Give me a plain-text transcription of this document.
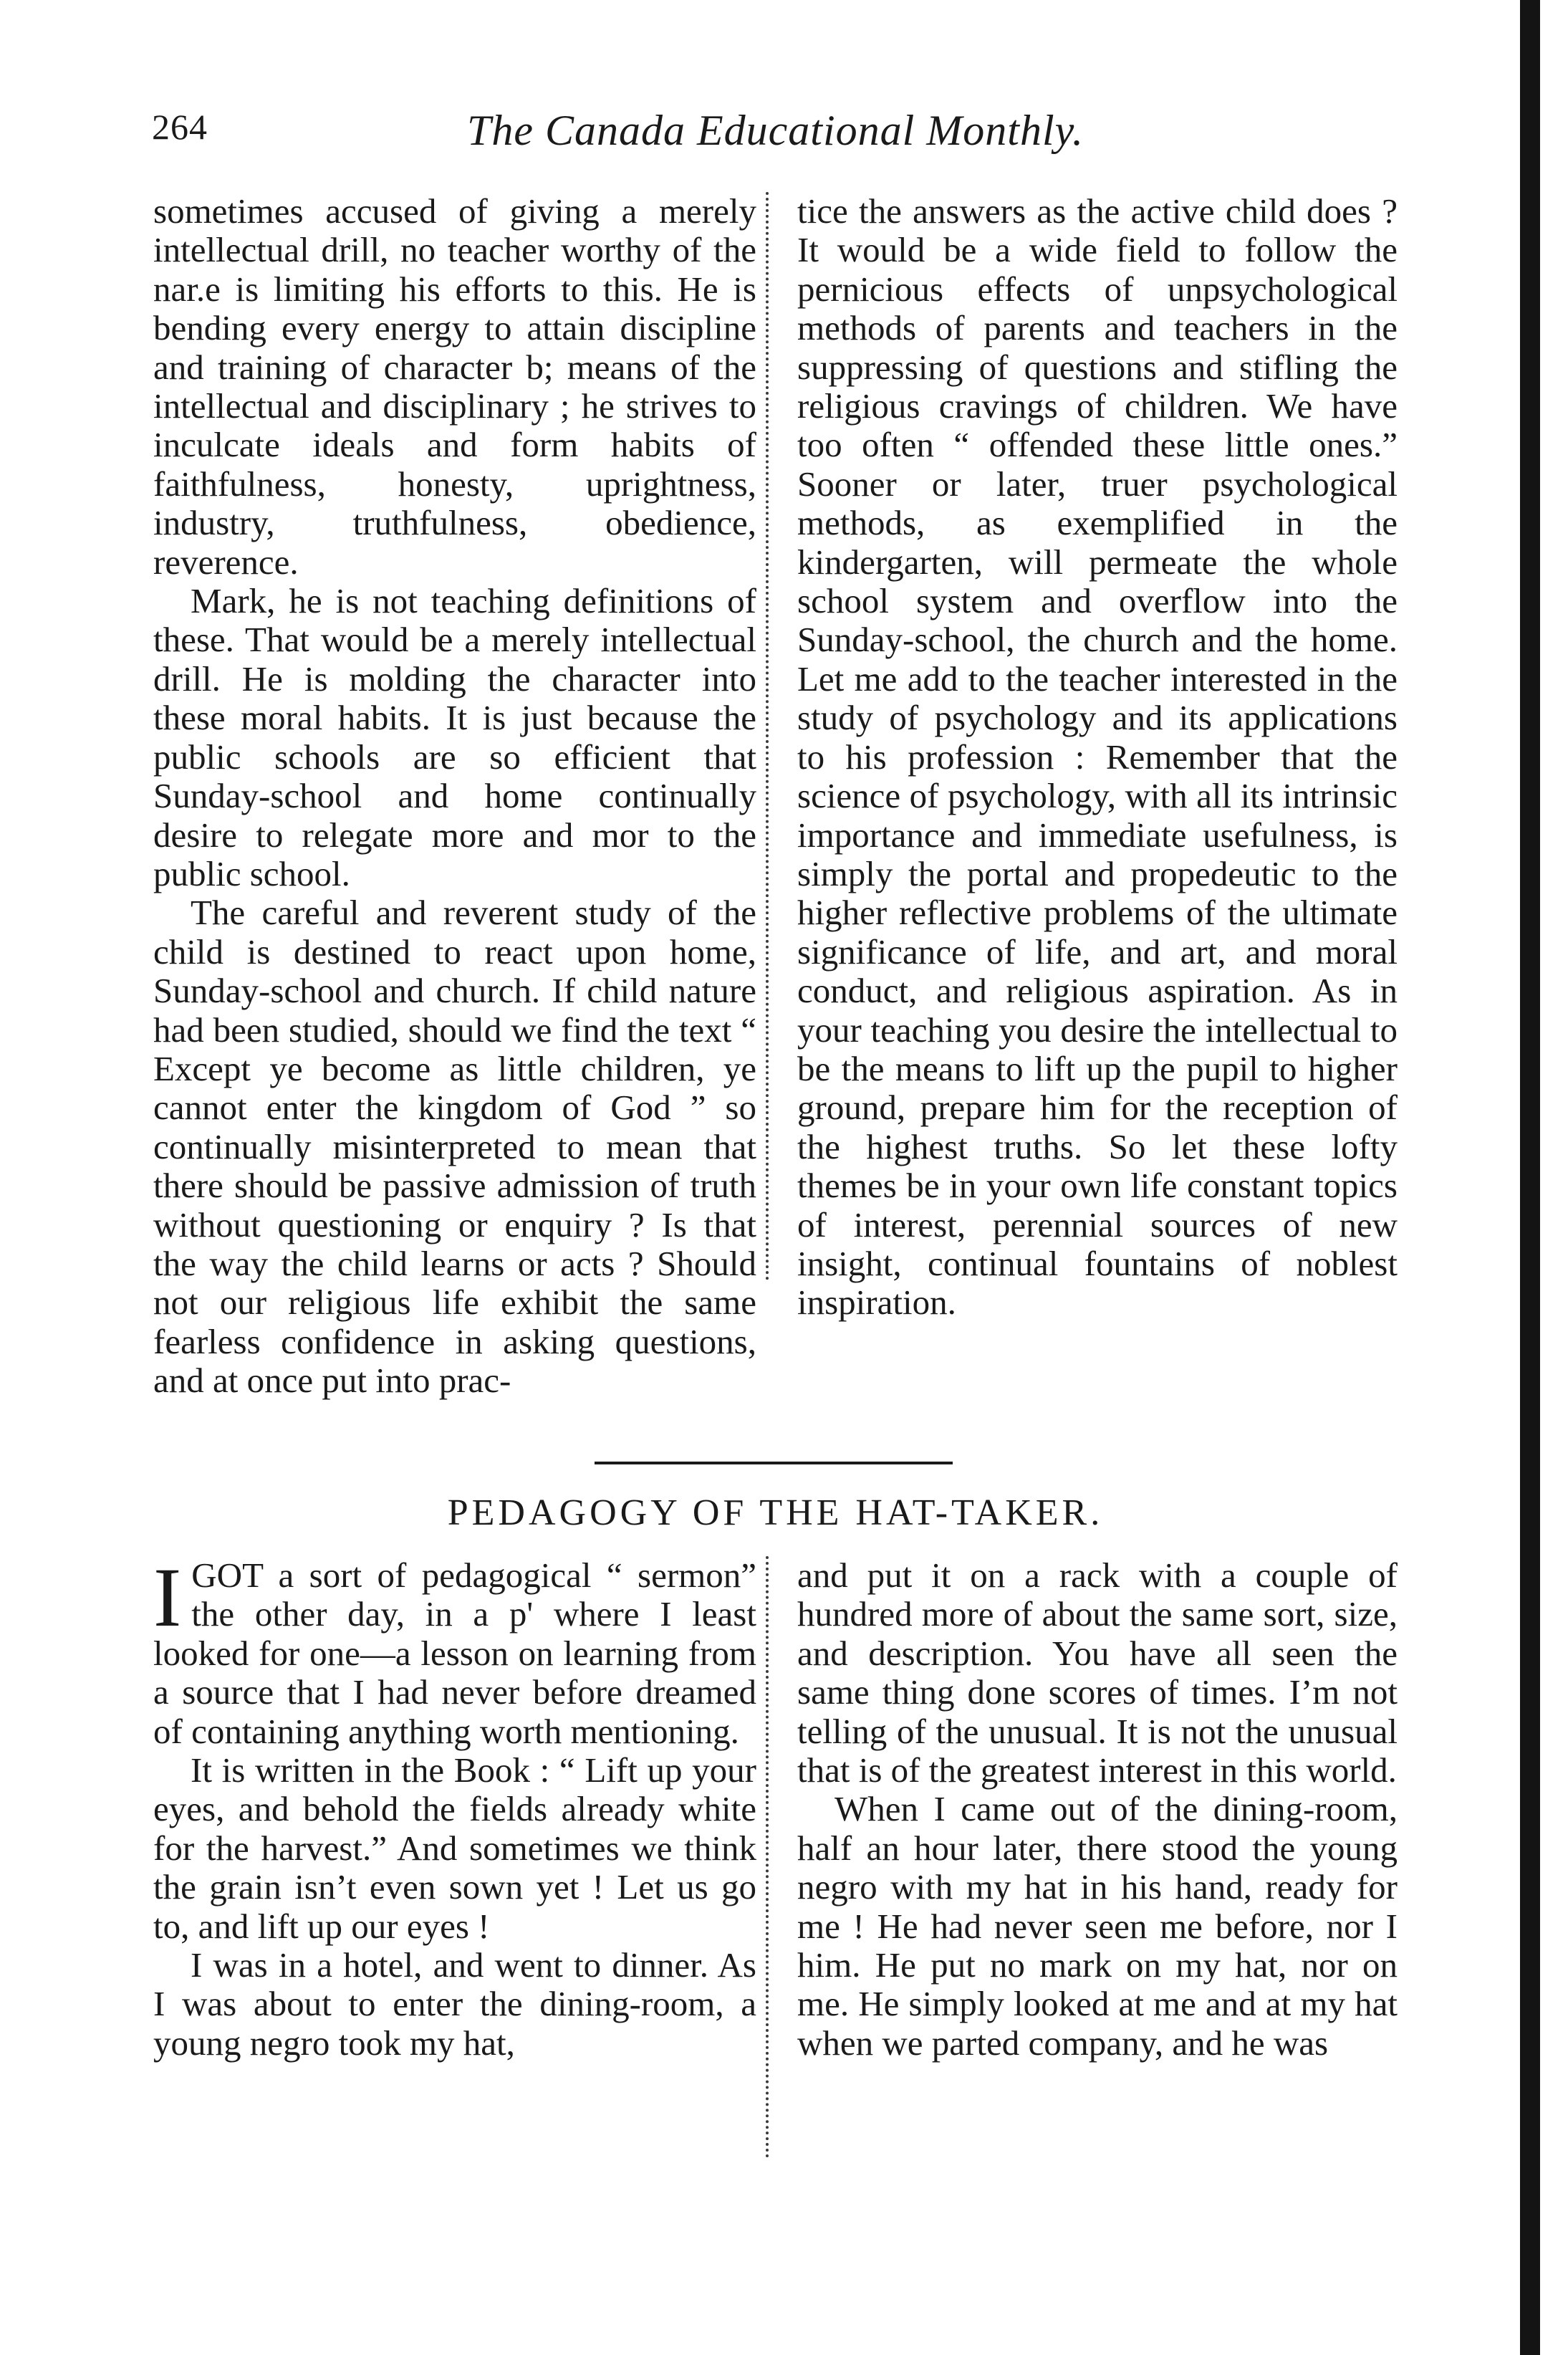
264	The Canada Educational Monthly.

sometimes accused of giving a merely intellectual drill, no teacher worthy of the nar.e is limiting his efforts to this. He is bending every energy to attain discipline and training of character b; means of the intellectual and disciplinary ; he strives to inculcate ideals and form habits of faithfulness, honesty, uprightness, industry, truthfulness, obedience, reverence.

Mark, he is not teaching definitions of these. That would be a merely intellectual drill. He is molding the character into these moral habits. It is just because the public schools are so efficient that Sunday-school and home continually desire to relegate more and mor to the public school.

The careful and reverent study of the child is destined to react upon home, Sunday-school and church. If child nature had been studied, should we find the text “ Except ye become as little children, ye cannot enter the kingdom of God ” so continually misinterpreted to mean that there should be passive admission of truth without questioning or enquiry ? Is that the way the child learns or acts ? Should not our religious life exhibit the same fearless confidence in asking questions, and at once put into prac-

tice the answers as the active child does ? It would be a wide field to follow the pernicious effects of unpsychological methods of parents and teachers in the suppressing of questions and stifling the religious cravings of children. We have too often “ offended these little ones.” Sooner or later, truer psychological methods, as exemplified in the kindergarten, will permeate the whole school system and overflow into the Sunday-school, the church and the home. Let me add to the teacher interested in the study of psychology and its applications to his profession : Remember that the science of psychology, with all its intrinsic importance and immediate usefulness, is simply the portal and propedeutic to the higher reflective problems of the ultimate significance of life, and art, and moral conduct, and religious aspiration. As in your teaching you desire the intellectual to be the means to lift up the pupil to higher ground, prepare him for the reception of the highest truths. So let these lofty themes be in your own life constant topics of interest, perennial sources of new insight, continual fountains of noblest inspiration.

PEDAGOGY OF THE HAT-TAKER.

IGOT a sort of pedagogical “ sermon” the other day, in a p' where I least looked for one—a lesson on learning from a source that I had never before dreamed of containing anything worth mentioning.

It is written in the Book : “ Lift up your eyes, and behold the fields already white for the harvest.” And sometimes we think the grain isn’t even sown yet ! Let us go to, and lift up our eyes !

I was in a hotel, and went to dinner. As I was about to enter the dining-room, a young negro took my hat,

and put it on a rack with a couple of hundred more of about the same sort, size, and description. You have all seen the same thing done scores of times. I’m not telling of the unusual. It is not the unusual that is of the greatest interest in this world.

When I came out of the dining-room, half an hour later, there stood the young negro with my hat in his hand, ready for me ! He had never seen me before, nor I him. He put no mark on my hat, nor on me. He simply looked at me and at my hat when we parted company, and he was
